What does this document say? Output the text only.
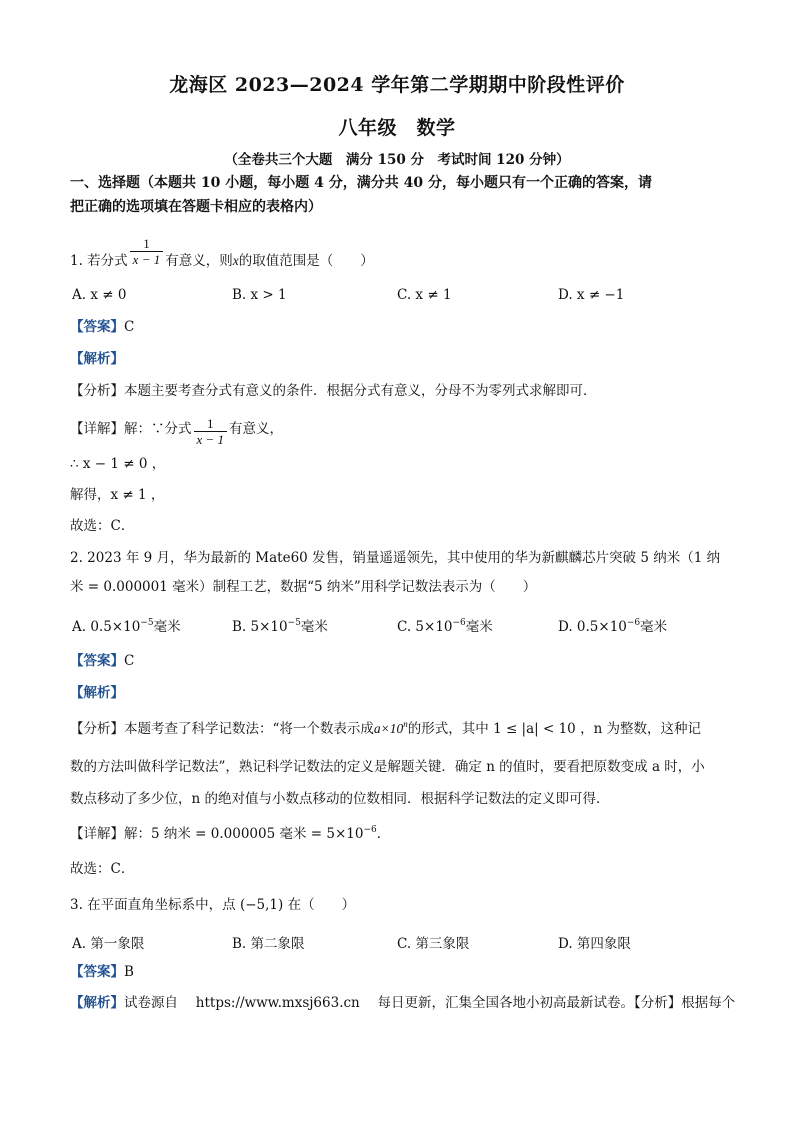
龙海区 2023—2024 学年第二学期期中阶段性评价
八年级　数学
（全卷共三个大题　满分 150 分　考试时间 120 分钟）
一、选择题（本题共 10 小题，每小题 4 分，满分共 40 分，每小题只有一个正确的答案，请
把正确的选项填在答题卡相应的表格内）
1. 若分式 $\frac{1}{x - 1}$ 有意义，则x的取值范围是（　　）
A. x ≠ 0	B. x > 1	C. x ≠ 1	D. x ≠ −1
【答案】C
【解析】
【分析】本题主要考查分式有意义的条件．根据分式有意义，分母不为零列式求解即可．
【详解】解：∵分式 $\frac{1}{x - 1}$ 有意义，
∴ x − 1 ≠ 0 ，
解得，x ≠ 1 ，
故选：C．
2. 2023 年 9 月，华为最新的 Mate60 发售，销量遥遥领先，其中使用的华为新麒麟芯片突破 5 纳米（1 纳
米 = 0.000001 毫米）制程工艺，数据“5 纳米”用科学记数法表示为（　　）
A. $0.5\times 10^{-5}$毫米	B. $5\times 10^{-5}$毫米	C. $5\times 10^{-6}$毫米	D. $0.5\times 10^{-6}$毫米
【答案】C
【解析】
【分析】本题考查了科学记数法：“将一个数表示成$a\times 10^n$的形式，其中 1 ≤ |a| < 10 ，n 为整数，这种记
数的方法叫做科学记数法”，熟记科学记数法的定义是解题关键．确定 n 的值时，要看把原数变成 a 时，小
数点移动了多少位，n 的绝对值与小数点移动的位数相同．根据科学记数法的定义即可得．
【详解】解：5 纳米 = 0.000005 毫米 = $5\times 10^{-6}$．
故选：C．
3. 在平面直角坐标系中，点 (−5,1) 在（　　）
A. 第一象限	B. 第二象限	C. 第三象限	D. 第四象限
【答案】B
【解析】试卷源自　 https://www.mxsj663.cn　 每日更新，汇集全国各地小初高最新试卷。【分析】根据每个
